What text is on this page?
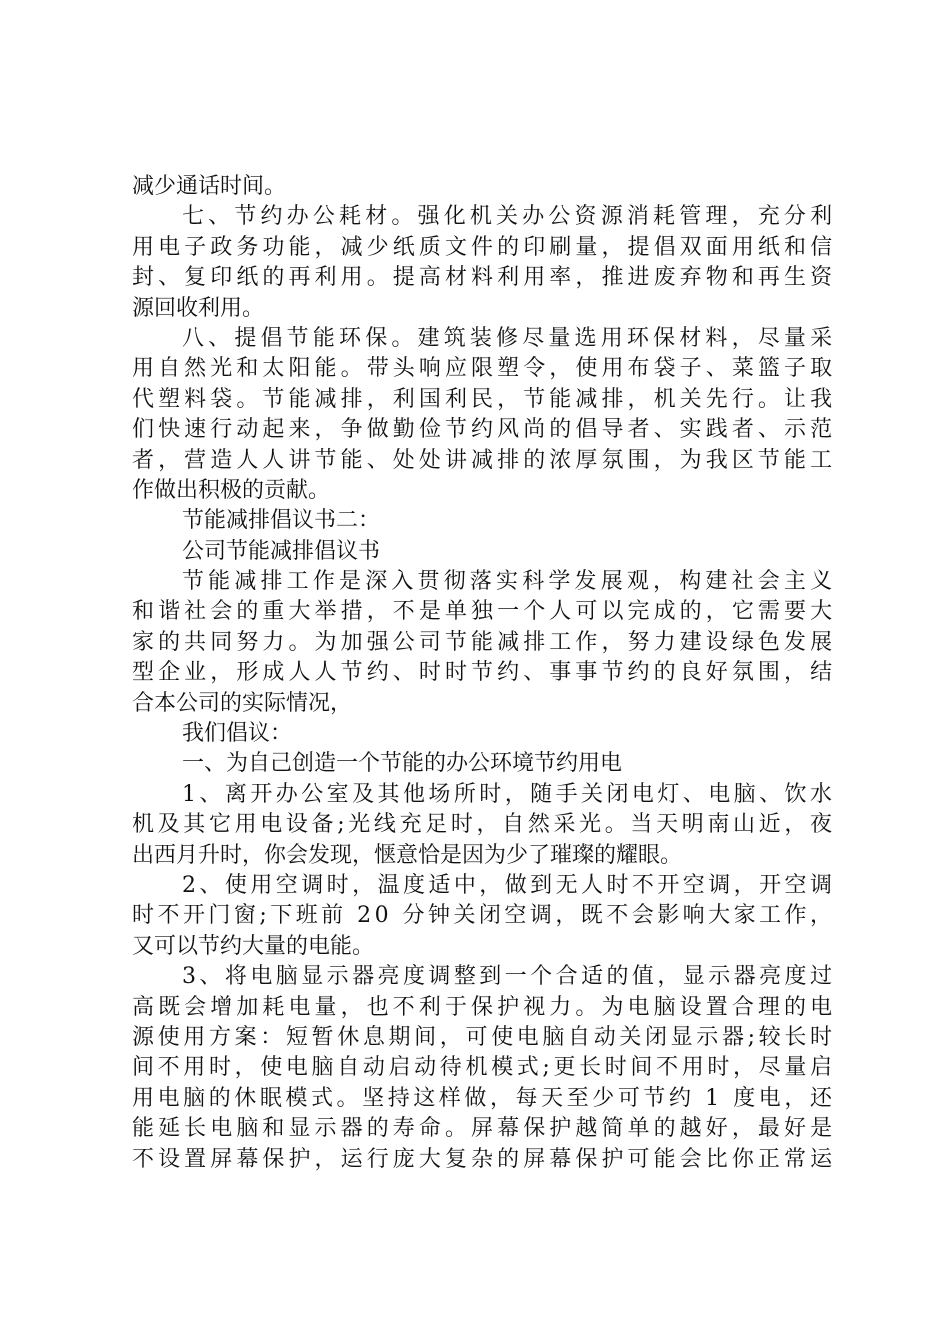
减少通话时间。
七、节约办公耗材。强化机关办公资源消耗管理，充分利
用电子政务功能，减少纸质文件的印刷量，提倡双面用纸和信
封、复印纸的再利用。提高材料利用率，推进废弃物和再生资
源回收利用。
八、提倡节能环保。建筑装修尽量选用环保材料，尽量采
用自然光和太阳能。带头响应限塑令，使用布袋子、菜篮子取
代塑料袋。节能减排，利国利民，节能减排，机关先行。让我
们快速行动起来，争做勤俭节约风尚的倡导者、实践者、示范
者，营造人人讲节能、处处讲减排的浓厚氛围，为我区节能工
作做出积极的贡献。
节能减排倡议书二：
公司节能减排倡议书
节能减排工作是深入贯彻落实科学发展观，构建社会主义
和谐社会的重大举措，不是单独一个人可以完成的，它需要大
家的共同努力。为加强公司节能减排工作，努力建设绿色发展
型企业，形成人人节约、时时节约、事事节约的良好氛围，结
合本公司的实际情况，
我们倡议：
一、为自己创造一个节能的办公环境节约用电
1、离开办公室及其他场所时，随手关闭电灯、电脑、饮水
机及其它用电设备;光线充足时，自然采光。当天明南山近，夜
出西月升时，你会发现，惬意恰是因为少了璀璨的耀眼。
2、使用空调时，温度适中，做到无人时不开空调，开空调
时不开门窗;下班前 20 分钟关闭空调，既不会影响大家工作，
又可以节约大量的电能。
3、将电脑显示器亮度调整到一个合适的值，显示器亮度过
高既会增加耗电量，也不利于保护视力。为电脑设置合理的电
源使用方案：短暂休息期间，可使电脑自动关闭显示器;较长时
间不用时，使电脑自动启动待机模式;更长时间不用时，尽量启
用电脑的休眠模式。坚持这样做，每天至少可节约 1 度电，还
能延长电脑和显示器的寿命。屏幕保护越简单的越好，最好是
不设置屏幕保护，运行庞大复杂的屏幕保护可能会比你正常运
